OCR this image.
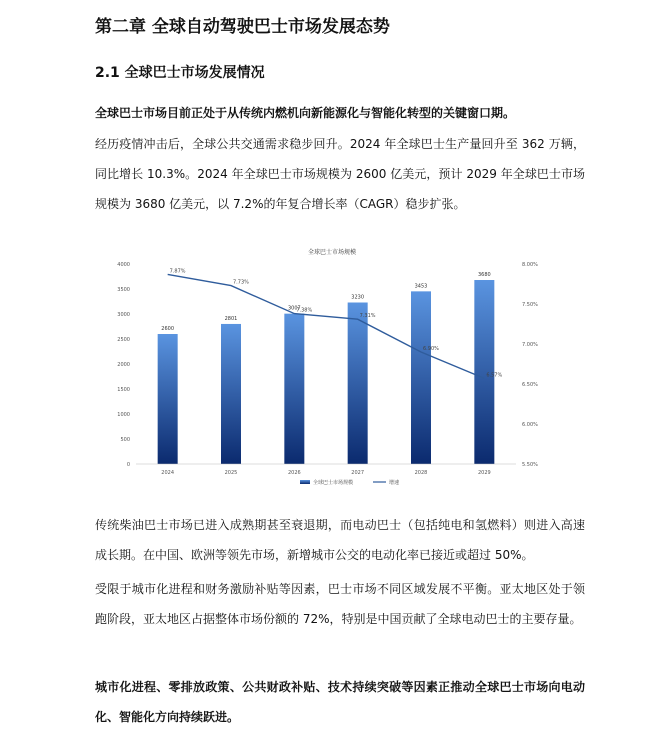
第二章 全球自动驾驶巴士市场发展态势
2.1 全球巴士市场发展情况

全球巴士市场目前正处于从传统内燃机向新能源化与智能化转型的关键窗口期。

经历疫情冲击后，全球公共交通需求稳步回升。2024 年全球巴士生产量回升至 362 万辆，同比增长 10.3%。2024 年全球巴士市场规模为 2600 亿美元，预计 2029 年全球巴士市场规模为 3680 亿美元，以 7.2%的年复合增长率（CAGR）稳步扩张。

全球巴士市场规模
0
500
1000
1500
2000
2500
3000
3500
4000
5.50%
6.00%
6.50%
7.00%
7.50%
8.00%
2600
2801
3007
3230
3453
3680
2024	2025	2026	2027	2028	2029
7.87%
7.73%
7.38%
7.31%
6.90%
6.57%
全球巴士市场规模	增速

传统柴油巴士市场已进入成熟期甚至衰退期，而电动巴士（包括纯电和氢燃料）则进入高速成长期。在中国、欧洲等领先市场，新增城市公交的电动化率已接近或超过 50%。

受限于城市化进程和财务激励补贴等因素，巴士市场不同区域发展不平衡。亚太地区处于领跑阶段，亚太地区占据整体市场份额的 72%，特别是中国贡献了全球电动巴士的主要存量。

城市化进程、零排放政策、公共财政补贴、技术持续突破等因素正推动全球巴士市场向电动化、智能化方向持续跃进。
